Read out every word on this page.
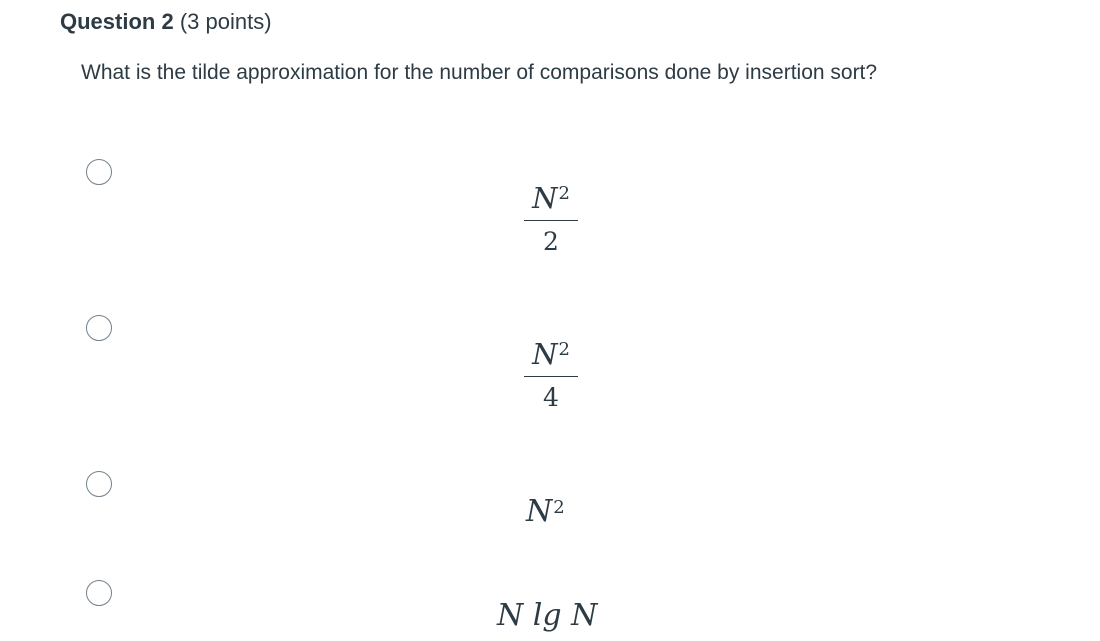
Question 2 (3 points)
What is the tilde approximation for the number of comparisons done by insertion sort?
$N^2$
2
$N^2$
4
$N^2$
N lg N
